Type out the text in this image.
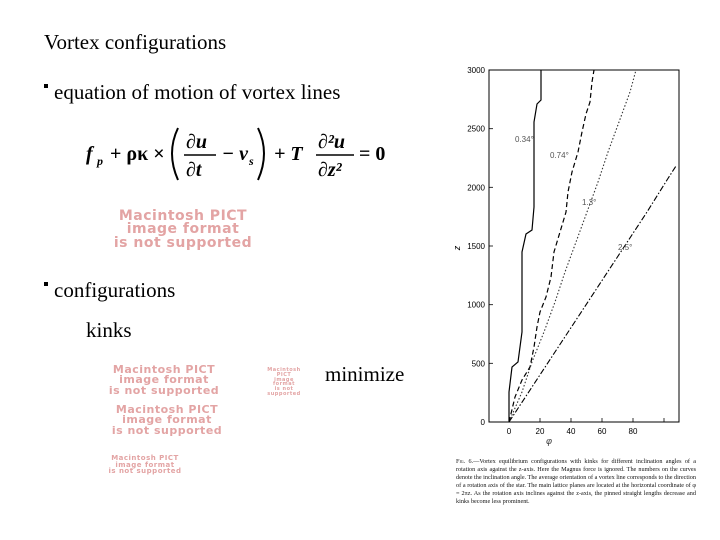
Vortex configurations
equation of motion of vortex lines
f p + ρκ ×
∂u
∂t
− v s + T
∂²u
∂z²
= 0
Macintosh PICT
image format
is not supported
configurations
kinks
Macintosh PICT
image format
is not supported
Macintosh PICT
image format
is not supported
minimize
Macintosh PICT
image format
is not supported
Macintosh PICT
image format
is not supported
0
500
1000
1500
2000
2500
3000
0	20	40	60	80
φ
z
0.34°
0.74°
1.3°
2.5°
Fig. 6.—Vortex equilibrium configurations with kinks for different inclination angles of a rotation axis against the z-axis. Here the Magnus force is ignored. The numbers on the curves denote the inclination angle. The average orientation of a vortex line corresponds to the direction of a rotation axis of the star. The main lattice planes are located at the horizontal coordinate of φ = 2πz. As the rotation axis inclines against the z-axis, the pinned straight lengths decrease and kinks become less prominent.
